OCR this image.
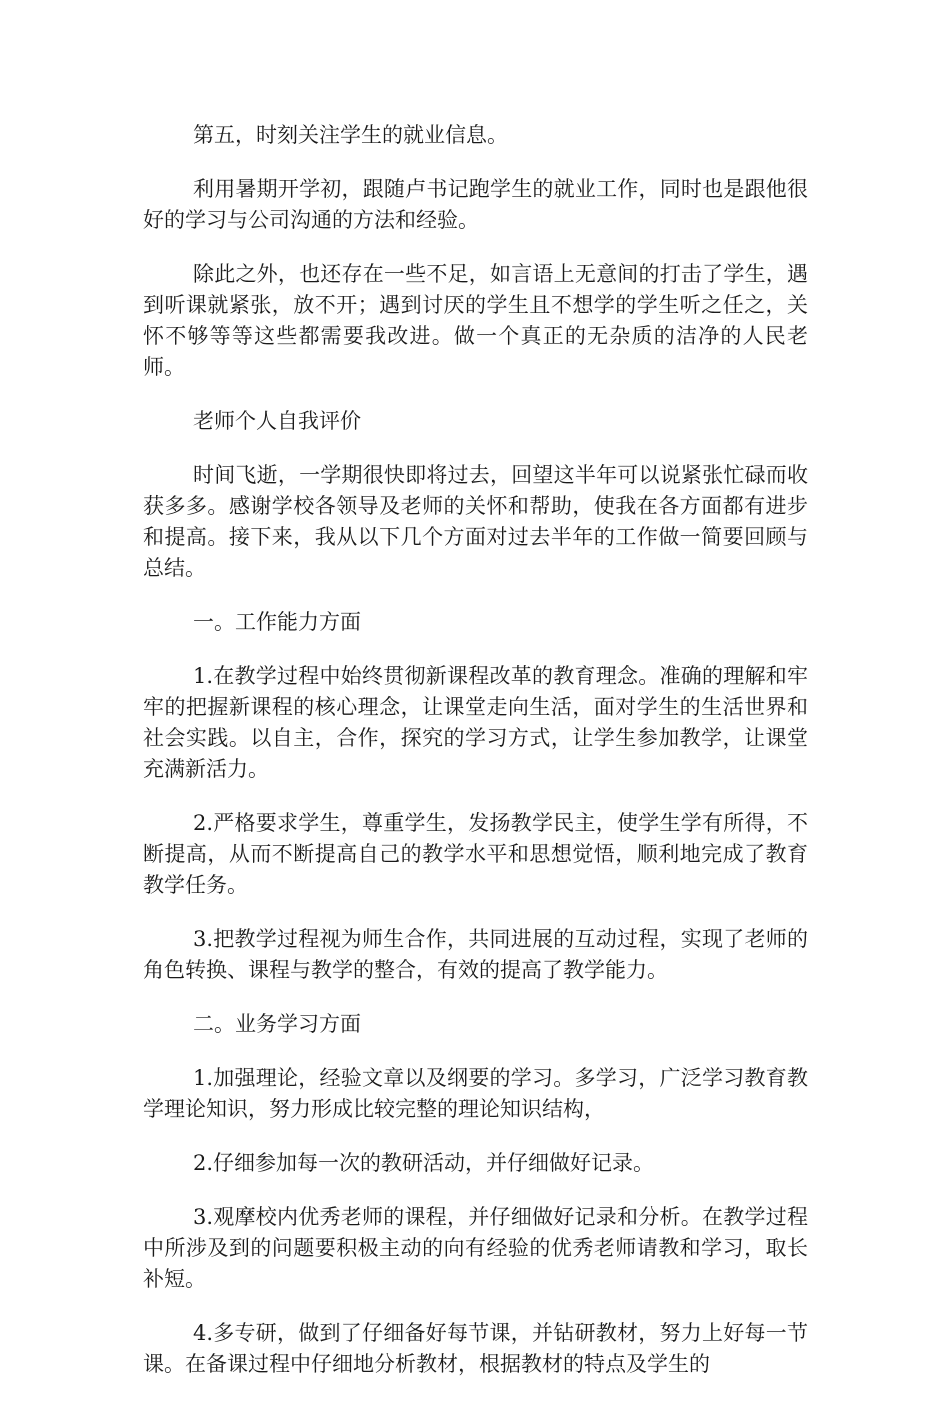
第五，时刻关注学生的就业信息。

利用暑期开学初，跟随卢书记跑学生的就业工作，同时也是跟他很好的学习与公司沟通的方法和经验。

除此之外，也还存在一些不足，如言语上无意间的打击了学生，遇到听课就紧张，放不开；遇到讨厌的学生且不想学的学生听之任之，关怀不够等等这些都需要我改进。做一个真正的无杂质的洁净的人民老师。

老师个人自我评价

时间飞逝，一学期很快即将过去，回望这半年可以说紧张忙碌而收获多多。感谢学校各领导及老师的关怀和帮助，使我在各方面都有进步和提高。接下来，我从以下几个方面对过去半年的工作做一简要回顾与总结。

一。工作能力方面

1.在教学过程中始终贯彻新课程改革的教育理念。准确的理解和牢牢的把握新课程的核心理念，让课堂走向生活，面对学生的生活世界和社会实践。以自主，合作，探究的学习方式，让学生参加教学，让课堂充满新活力。

2.严格要求学生，尊重学生，发扬教学民主，使学生学有所得，不断提高，从而不断提高自己的教学水平和思想觉悟，顺利地完成了教育教学任务。

3.把教学过程视为师生合作，共同进展的互动过程，实现了老师的角色转换、课程与教学的整合，有效的提高了教学能力。

二。业务学习方面

1.加强理论，经验文章以及纲要的学习。多学习，广泛学习教育教学理论知识，努力形成比较完整的理论知识结构，

2.仔细参加每一次的教研活动，并仔细做好记录。

3.观摩校内优秀老师的课程，并仔细做好记录和分析。在教学过程中所涉及到的问题要积极主动的向有经验的优秀老师请教和学习，取长补短。

4.多专研，做到了仔细备好每节课，并钻研教材，努力上好每一节课。在备课过程中仔细地分析教材，根据教材的特点及学生的
